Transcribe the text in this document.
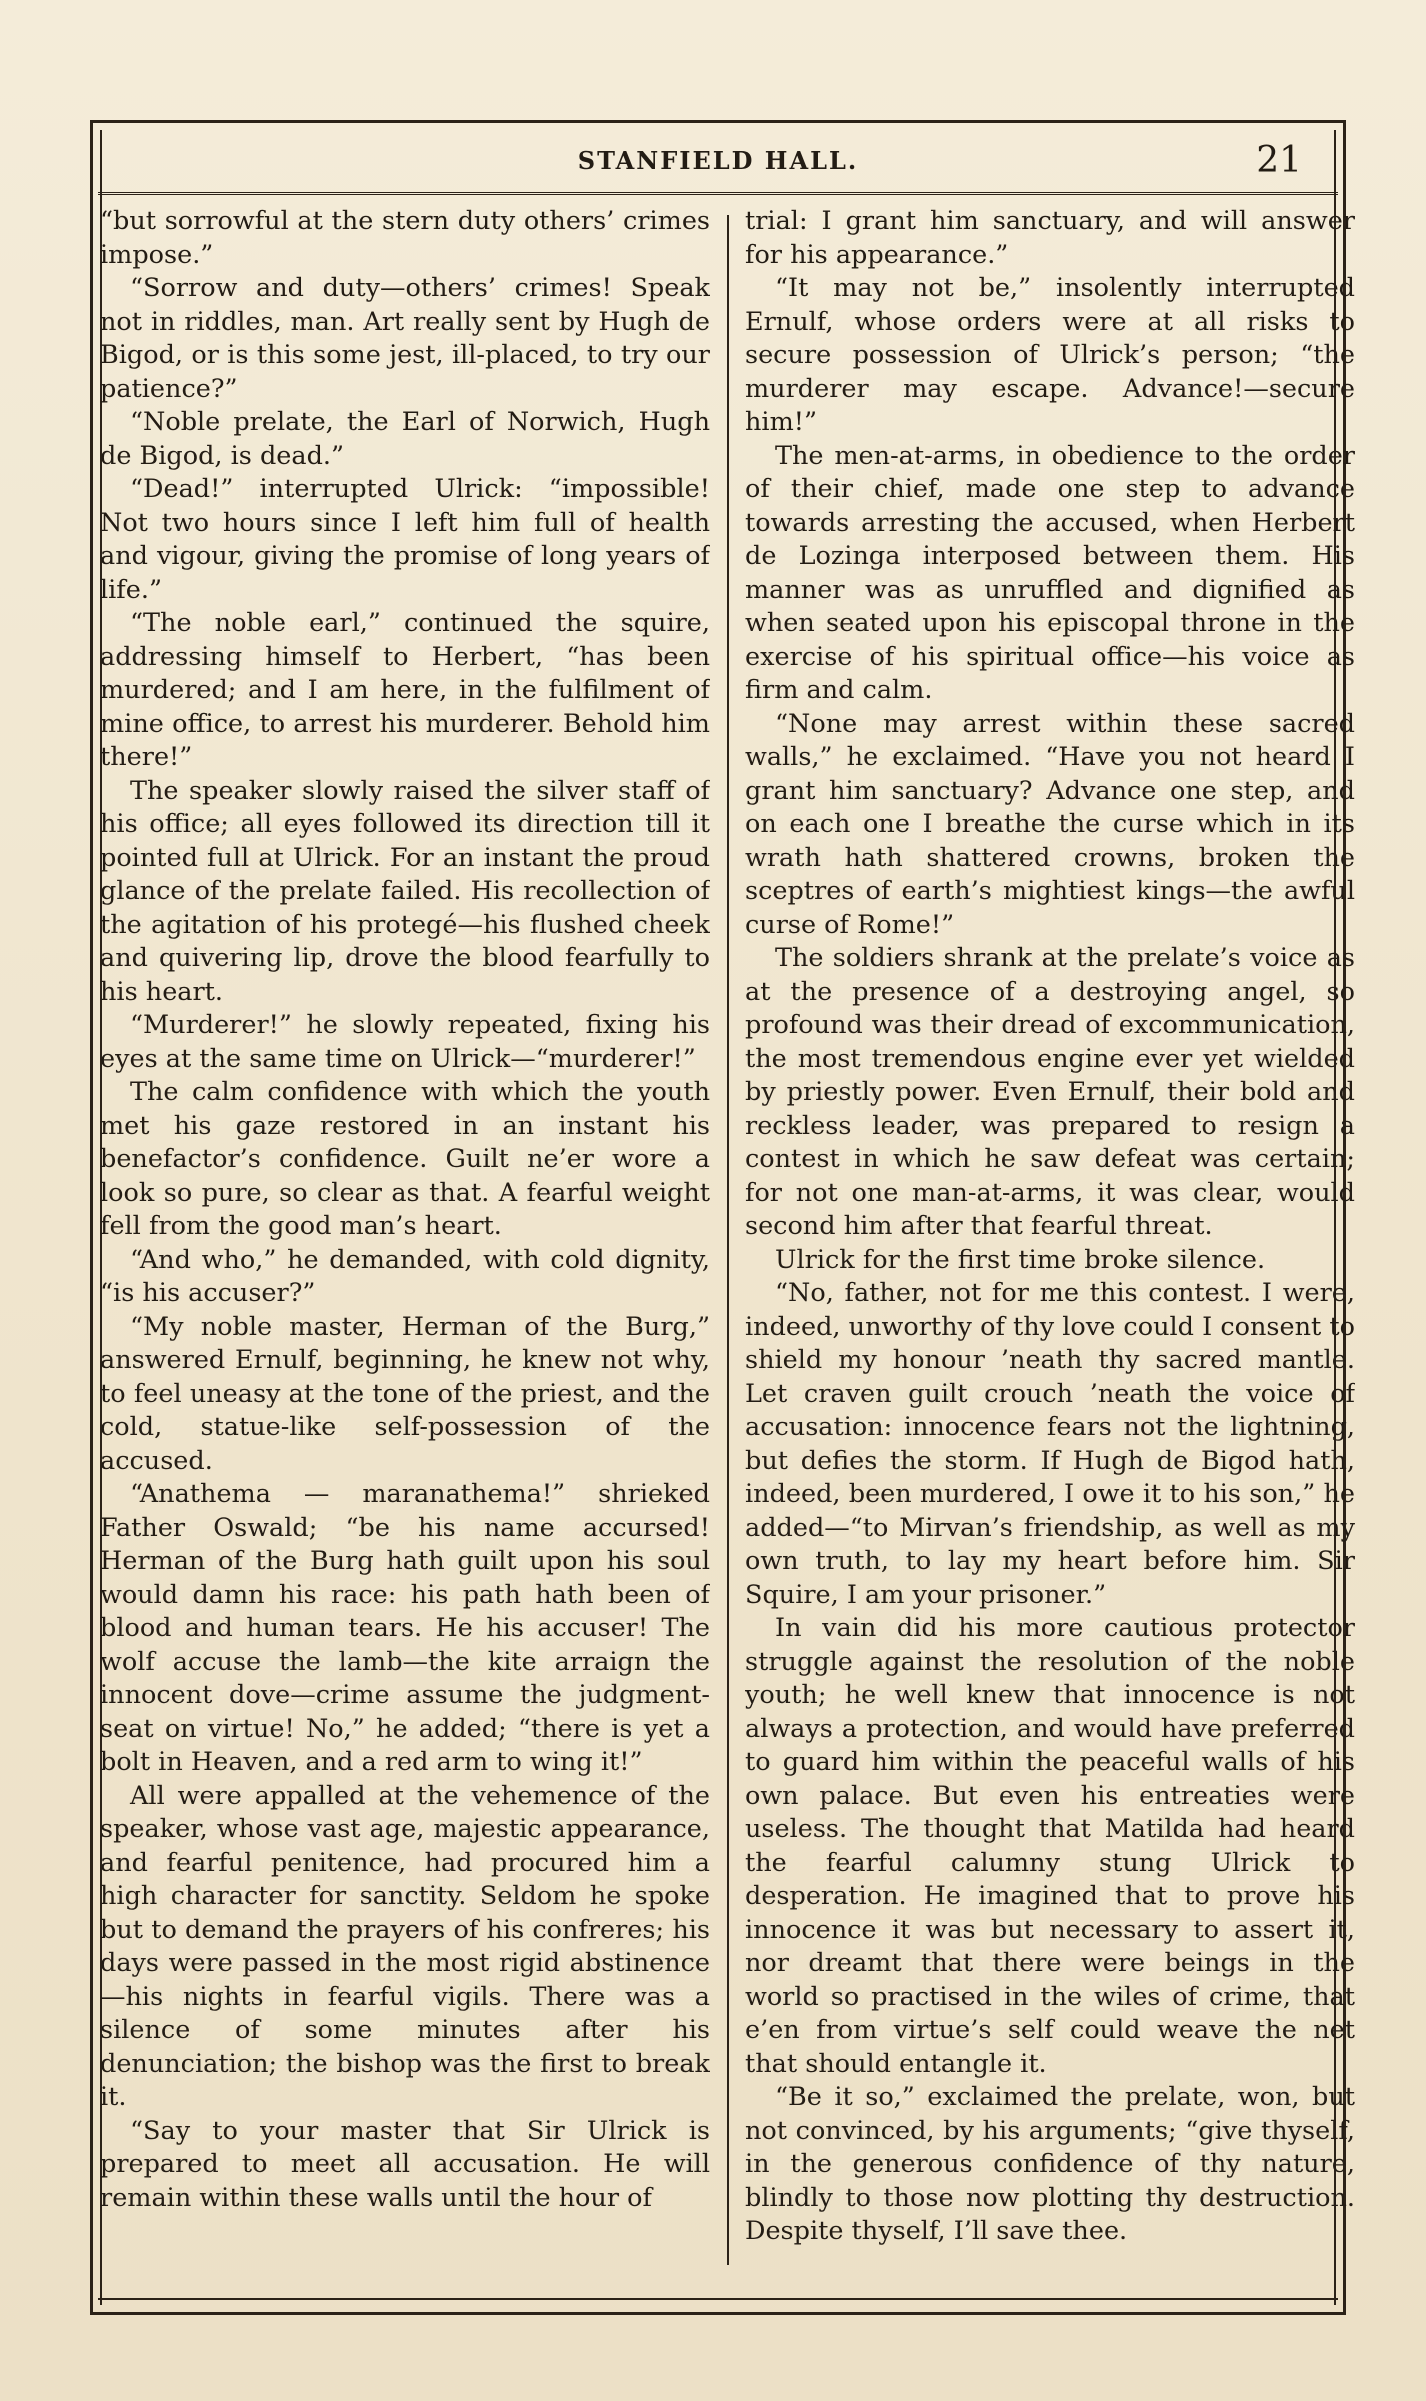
STANFIELD HALL.	21

“but sorrowful at the stern duty others’ crimes impose.”

“Sorrow and duty—others’ crimes! Speak not in riddles, man. Art really sent by Hugh de Bigod, or is this some jest, ill-placed, to try our patience?”

“Noble prelate, the Earl of Norwich, Hugh de Bigod, is dead.”

“Dead!” interrupted Ulrick: “impossible! Not two hours since I left him full of health and vigour, giving the promise of long years of life.”

“The noble earl,” continued the squire, addressing himself to Herbert, “has been murdered; and I am here, in the fulfilment of mine office, to arrest his murderer. Behold him there!”

The speaker slowly raised the silver staff of his office; all eyes followed its direction till it pointed full at Ulrick. For an instant the proud glance of the prelate failed. His recollection of the agitation of his protegé—his flushed cheek and quivering lip, drove the blood fearfully to his heart.

“Murderer!” he slowly repeated, fixing his eyes at the same time on Ulrick—“murderer!”

The calm confidence with which the youth met his gaze restored in an instant his benefactor’s confidence. Guilt ne’er wore a look so pure, so clear as that. A fearful weight fell from the good man’s heart.

“And who,” he demanded, with cold dignity, “is his accuser?”

“My noble master, Herman of the Burg,” answered Ernulf, beginning, he knew not why, to feel uneasy at the tone of the priest, and the cold, statue-like self-possession of the accused.

“Anathema — maranathema!” shrieked Father Oswald; “be his name accursed! Herman of the Burg hath guilt upon his soul would damn his race: his path hath been of blood and human tears. He his accuser! The wolf accuse the lamb—the kite arraign the innocent dove—crime assume the judgment-seat on virtue! No,” he added; “there is yet a bolt in Heaven, and a red arm to wing it!”

All were appalled at the vehemence of the speaker, whose vast age, majestic appearance, and fearful penitence, had procured him a high character for sanctity. Seldom he spoke but to demand the prayers of his confreres; his days were passed in the most rigid abstinence—his nights in fearful vigils. There was a silence of some minutes after his denunciation; the bishop was the first to break it.

“Say to your master that Sir Ulrick is prepared to meet all accusation. He will remain within these walls until the hour of

trial: I grant him sanctuary, and will answer for his appearance.”

“It may not be,” insolently interrupted Ernulf, whose orders were at all risks to secure possession of Ulrick’s person; “the murderer may escape. Advance!—secure him!”

The men-at-arms, in obedience to the order of their chief, made one step to advance towards arresting the accused, when Herbert de Lozinga interposed between them. His manner was as unruffled and dignified as when seated upon his episcopal throne in the exercise of his spiritual office—his voice as firm and calm.

“None may arrest within these sacred walls,” he exclaimed. “Have you not heard I grant him sanctuary? Advance one step, and on each one I breathe the curse which in its wrath hath shattered crowns, broken the sceptres of earth’s mightiest kings—the awful curse of Rome!”

The soldiers shrank at the prelate’s voice as at the presence of a destroying angel, so profound was their dread of excommunication, the most tremendous engine ever yet wielded by priestly power. Even Ernulf, their bold and reckless leader, was prepared to resign a contest in which he saw defeat was certain; for not one man-at-arms, it was clear, would second him after that fearful threat.

Ulrick for the first time broke silence.

“No, father, not for me this contest. I were, indeed, unworthy of thy love could I consent to shield my honour ’neath thy sacred mantle. Let craven guilt crouch ’neath the voice of accusation: innocence fears not the lightning, but defies the storm. If Hugh de Bigod hath, indeed, been murdered, I owe it to his son,” he added—“to Mirvan’s friendship, as well as my own truth, to lay my heart before him. Sir Squire, I am your prisoner.”

In vain did his more cautious protector struggle against the resolution of the noble youth; he well knew that innocence is not always a protection, and would have preferred to guard him within the peaceful walls of his own palace. But even his entreaties were useless. The thought that Matilda had heard the fearful calumny stung Ulrick to desperation. He imagined that to prove his innocence it was but necessary to assert it, nor dreamt that there were beings in the world so practised in the wiles of crime, that e’en from virtue’s self could weave the net that should entangle it.

“Be it so,” exclaimed the prelate, won, but not convinced, by his arguments; “give thyself, in the generous confidence of thy nature, blindly to those now plotting thy destruction. Despite thyself, I’ll save thee.
